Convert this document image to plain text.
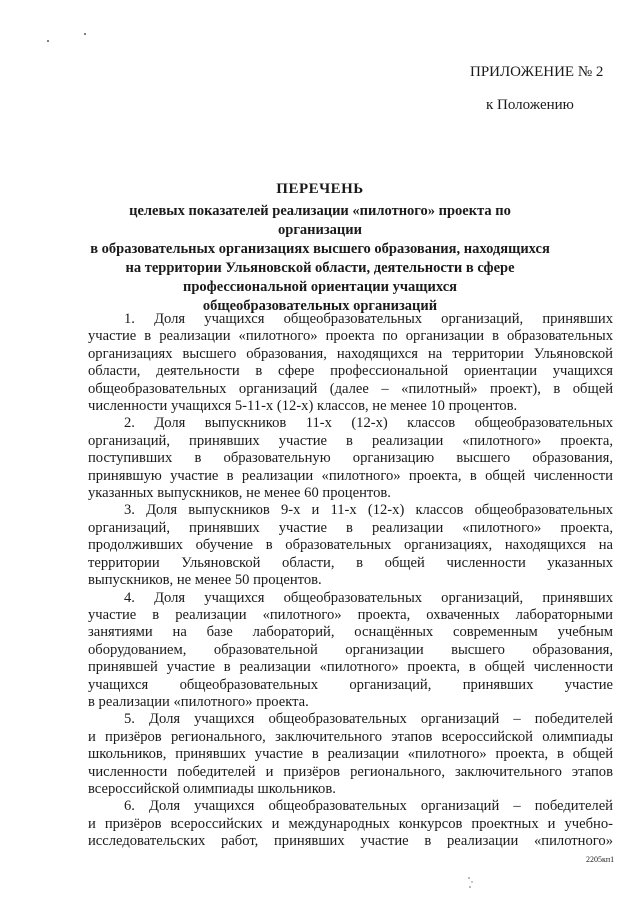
ПРИЛОЖЕНИЕ № 2
к Положению
ПЕРЕЧЕНЬ
целевых показателей реализации «пилотного» проекта по организации
в образовательных организациях высшего образования, находящихся
на территории Ульяновской области, деятельности в сфере
профессиональной ориентации учащихся
общеобразовательных организаций
1. Доля учащихся общеобразовательных организаций, принявших
участие в реализации «пилотного» проекта по организации в образовательных
организациях высшего образования, находящихся на территории Ульяновской
области, деятельности в сфере профессиональной ориентации учащихся
общеобразовательных организаций (далее – «пилотный» проект), в общей
численности учащихся 5-11-х (12-х) классов, не менее 10 процентов.
2. Доля выпускников 11-х (12-х) классов общеобразовательных
организаций, принявших участие в реализации «пилотного» проекта,
поступивших в образовательную организацию высшего образования,
принявшую участие в реализации «пилотного» проекта, в общей численности
указанных выпускников, не менее 60 процентов.
3. Доля выпускников 9-х и 11-х (12-х) классов общеобразовательных
организаций, принявших участие в реализации «пилотного» проекта,
продолживших обучение в образовательных организациях, находящихся на
территории Ульяновской области, в общей численности указанных
выпускников, не менее 50 процентов.
4. Доля учащихся общеобразовательных организаций, принявших
участие в реализации «пилотного» проекта, охваченных лабораторными
занятиями на базе лабораторий, оснащённых современным учебным
оборудованием, образовательной организации высшего образования,
принявшей участие в реализации «пилотного» проекта, в общей численности
учащихся общеобразовательных организаций, принявших участие
в реализации «пилотного» проекта.
5. Доля учащихся общеобразовательных организаций – победителей
и призёров регионального, заключительного этапов всероссийской олимпиады
школьников, принявших участие в реализации «пилотного» проекта, в общей
численности победителей и призёров регионального, заключительного этапов
всероссийской олимпиады школьников.
6. Доля учащихся общеобразовательных организаций – победителей
и призёров всероссийских и международных конкурсов проектных и учебно-
исследовательских работ, принявших участие в реализации «пилотного»
2205кп1
